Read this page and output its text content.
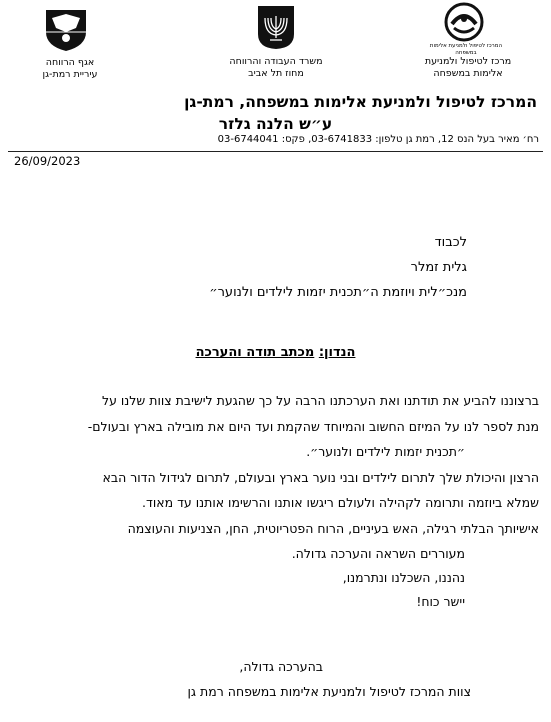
אגף הרווחה
עיריית רמת-גן
משרד העבודה והרווחה
מחוז תל אביב
המרכז לטיפול ולמניעת אלימות במשפחה
מרכז לטיפול ולמניעת
אלימות במשפחה
המרכז לטיפול ולמניעת אלימות במשפחה, רמת-גן
ע״ש הלנה גלזר
רח׳ מאיר בעל הנס 12, רמת גן טלפון: 03-6741833, פקס: 03-6744041
26/09/2023
לכבוד
גלית זמלר
מנכ״לית ויוזמת ה״תכנית יזמות לילדים ולנוער״
הנדון: מכתב תודה והערכה
ברצוננו להביע את תודתנו ואת הערכתנו הרבה על כך שהגעת לישיבת צוות שלנו על
מנת לספר לנו על המיזם החשוב והמיוחד שהקמת ועד היום את מובילה בארץ ובעולם-
״תכנית יזמות לילדים ולנוער״.
הרצון והיכולת שלך לתרום לילדים ובני נוער בארץ ובעולם, לתרום לגידול הדור הבא
שמלא ביוזמה ותרומה לקהילה ולעולם ריגשו אותנו והרשימו אותנו עד מאוד.
אישיותך הבלתי רגילה, האש בעיניים, הרוח הפטריוטית, החן, הצניעות והעוצמה
מעוררים השראה והערכה גדולה.
נהננו, השכלנו ונתרמנו,
יישר כוח!
בהערכה גדולה,
צוות המרכז לטיפול ולמניעת אלימות במשפחה רמת גן
